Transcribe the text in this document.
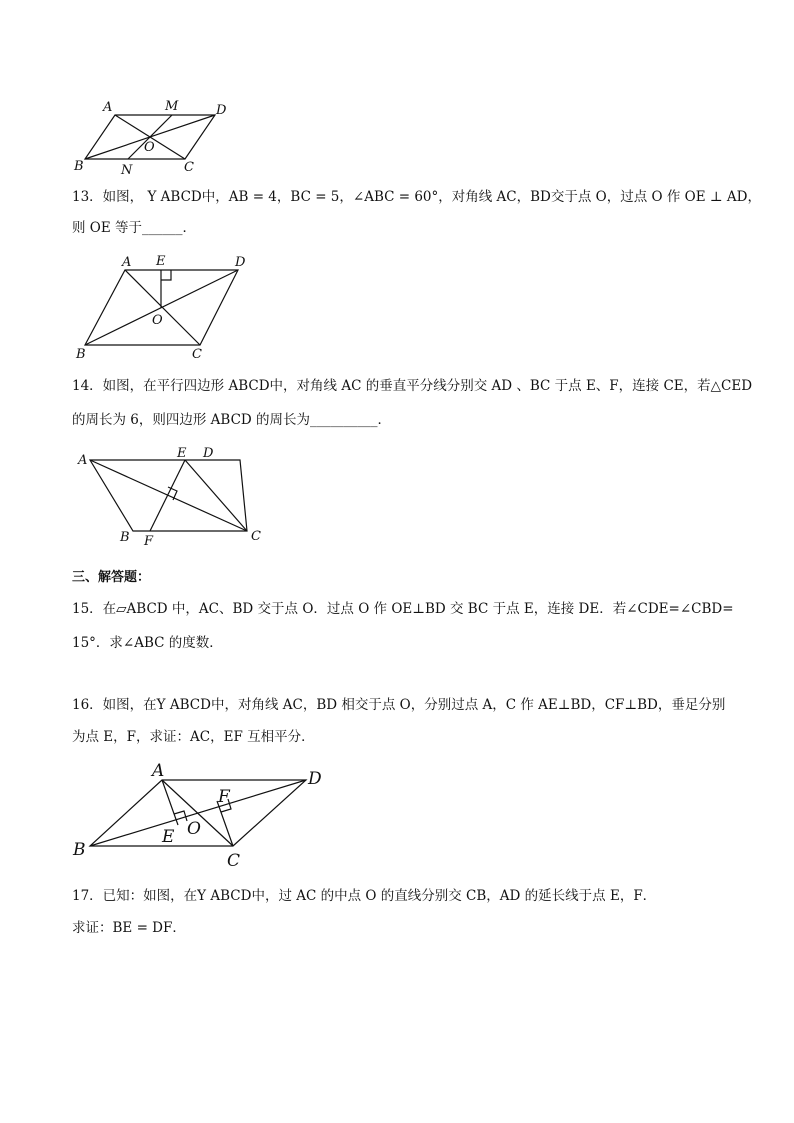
A	M	D
O
B	N	C
13．如图， Y ABCD中，AB = 4，BC = 5，∠ABC = 60°，对角线 AC，BD交于点 O，过点 O 作 OE ⊥ AD，
则 OE 等于______．
A E	D
O
B	C
14．如图，在平行四边形 ABCD中，对角线 AC 的垂直平分线分别交 AD 、BC 于点 E、F，连接 CE，若△CED
的周长为 6，则四边形 ABCD 的周长为__________．
A	E D
B F	C
三、解答题：
15．在▱ABCD 中，AC、BD 交于点 O．过点 O 作 OE⊥BD 交 BC 于点 E，连接 DE．若∠CDE=∠CBD=
15°．求∠ABC 的度数．
16．如图，在Y ABCD中，对角线 AC，BD 相交于点 O，分别过点 A，C 作 AE⊥BD，CF⊥BD，垂足分别
为点 E，F，求证：AC，EF 互相平分．
A	D
F
O
E
B
C
17．已知：如图，在Y ABCD中，过 AC 的中点 O 的直线分别交 CB，AD 的延长线于点 E，F．
求证：BE = DF．
